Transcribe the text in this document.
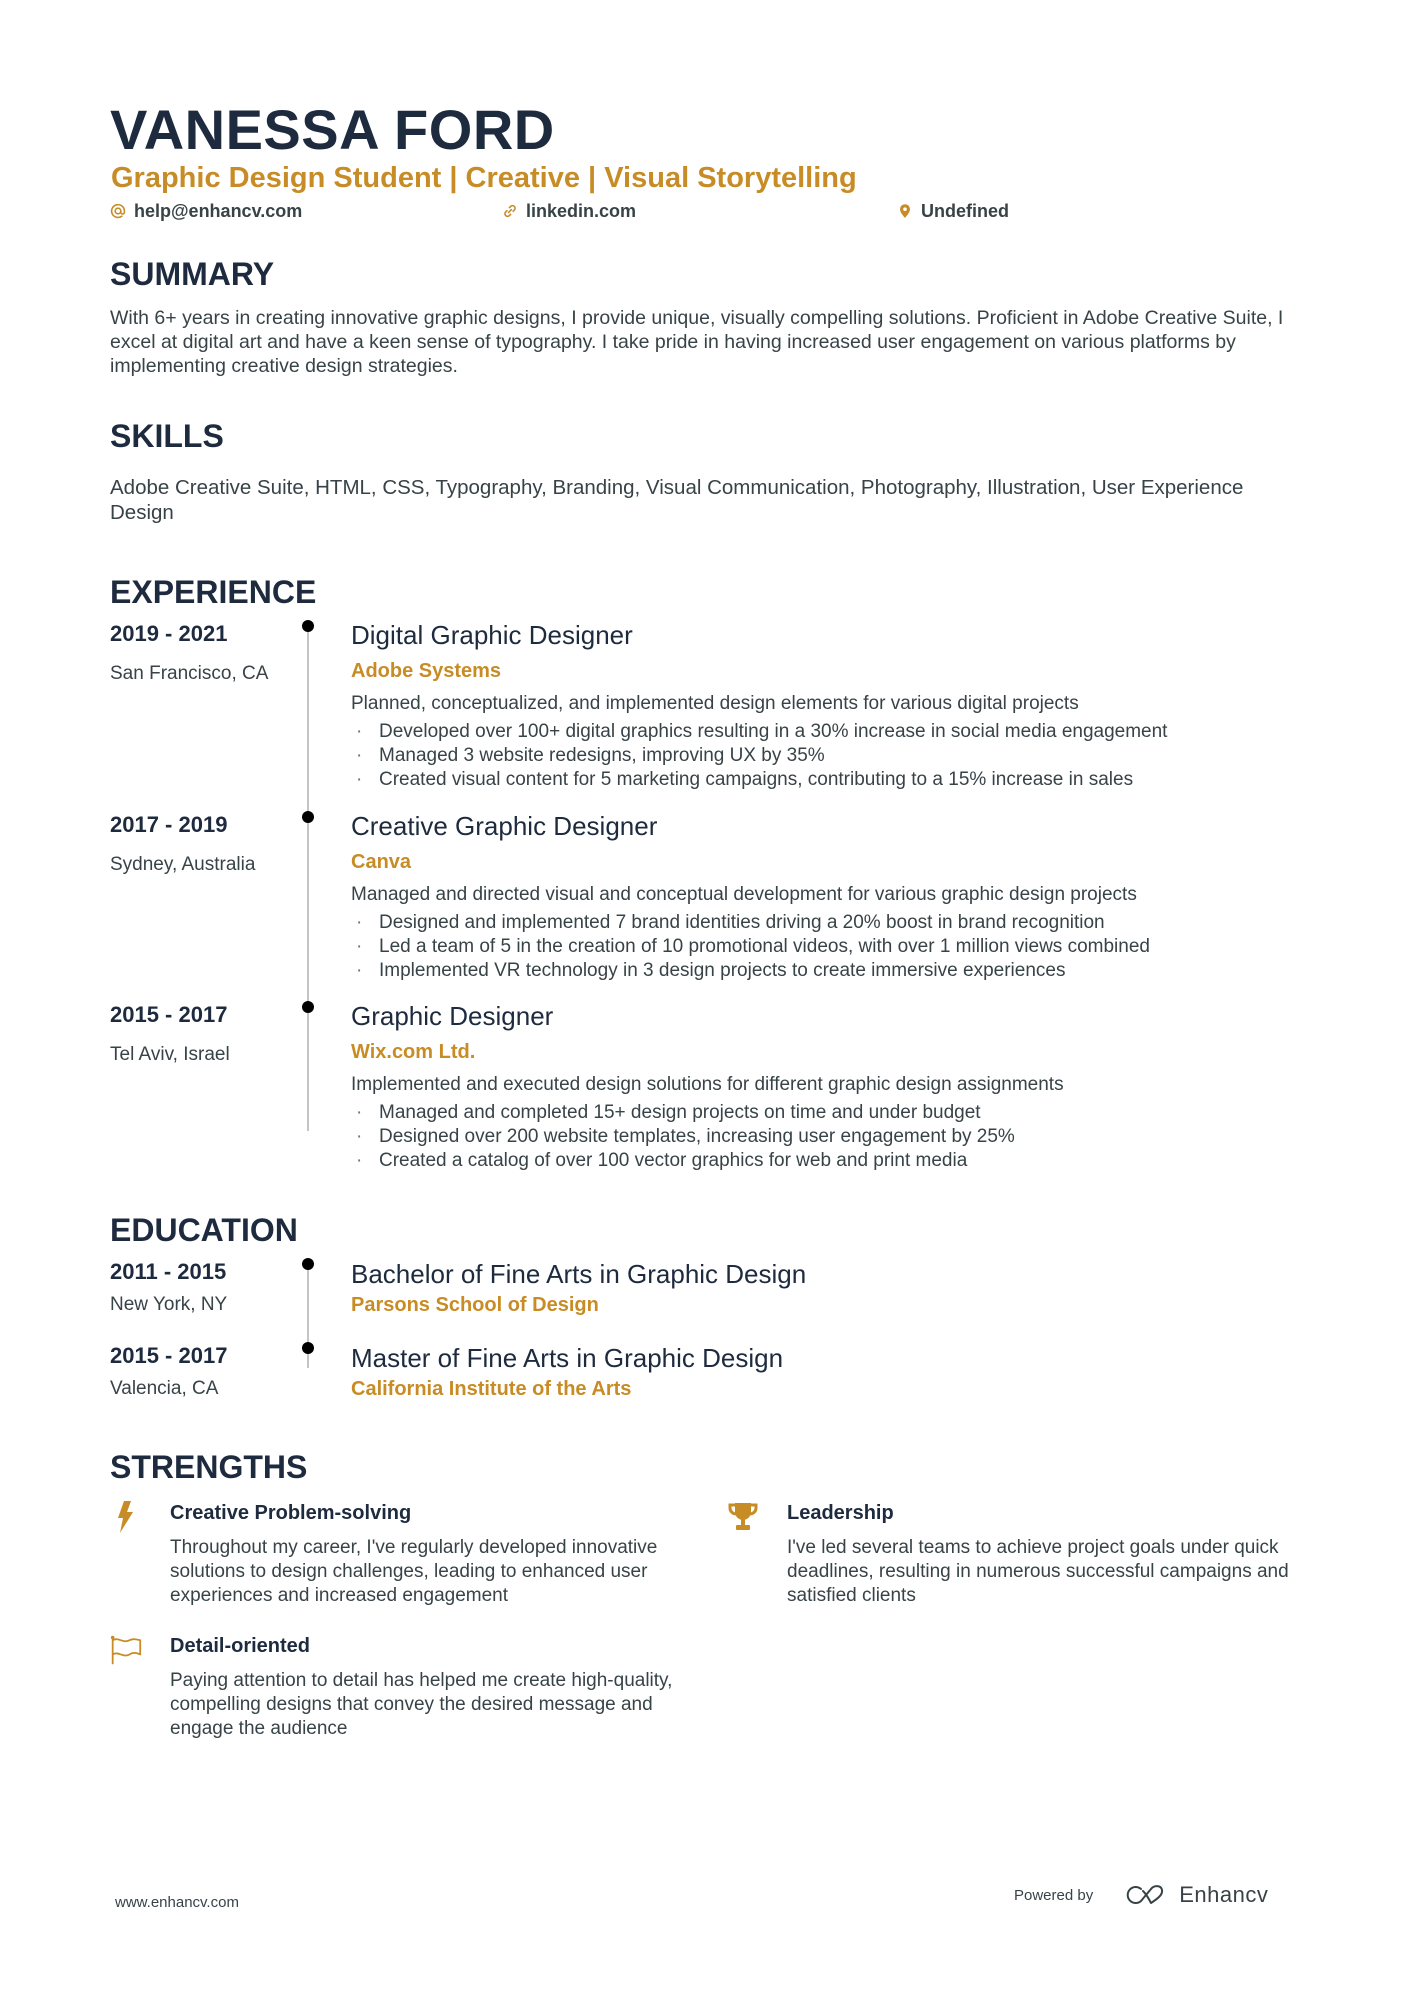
VANESSA FORD
Graphic Design Student | Creative | Visual Storytelling
help@enhancv.com	linkedin.com	Undefined
SUMMARY
With 6+ years in creating innovative graphic designs, I provide unique, visually compelling solutions. Proficient in Adobe Creative Suite, I excel at digital art and have a keen sense of typography. I take pride in having increased user engagement on various platforms by implementing creative design strategies.
SKILLS
Adobe Creative Suite, HTML, CSS, Typography, Branding, Visual Communication, Photography, Illustration, User Experience Design
EXPERIENCE
2019 - 2021
San Francisco, CA
Digital Graphic Designer
Adobe Systems
Planned, conceptualized, and implemented design elements for various digital projects
· Developed over 100+ digital graphics resulting in a 30% increase in social media engagement
· Managed 3 website redesigns, improving UX by 35%
· Created visual content for 5 marketing campaigns, contributing to a 15% increase in sales
2017 - 2019
Sydney, Australia
Creative Graphic Designer
Canva
Managed and directed visual and conceptual development for various graphic design projects
· Designed and implemented 7 brand identities driving a 20% boost in brand recognition
· Led a team of 5 in the creation of 10 promotional videos, with over 1 million views combined
· Implemented VR technology in 3 design projects to create immersive experiences
2015 - 2017
Tel Aviv, Israel
Graphic Designer
Wix.com Ltd.
Implemented and executed design solutions for different graphic design assignments
· Managed and completed 15+ design projects on time and under budget
· Designed over 200 website templates, increasing user engagement by 25%
· Created a catalog of over 100 vector graphics for web and print media
EDUCATION
2011 - 2015
New York, NY
Bachelor of Fine Arts in Graphic Design
Parsons School of Design
2015 - 2017
Valencia, CA
Master of Fine Arts in Graphic Design
California Institute of the Arts
STRENGTHS
Creative Problem-solving
Throughout my career, I've regularly developed innovative solutions to design challenges, leading to enhanced user experiences and increased engagement
Leadership
I've led several teams to achieve project goals under quick deadlines, resulting in numerous successful campaigns and satisfied clients
Detail-oriented
Paying attention to detail has helped me create high-quality, compelling designs that convey the desired message and engage the audience
www.enhancv.com	Powered by	Enhancv
